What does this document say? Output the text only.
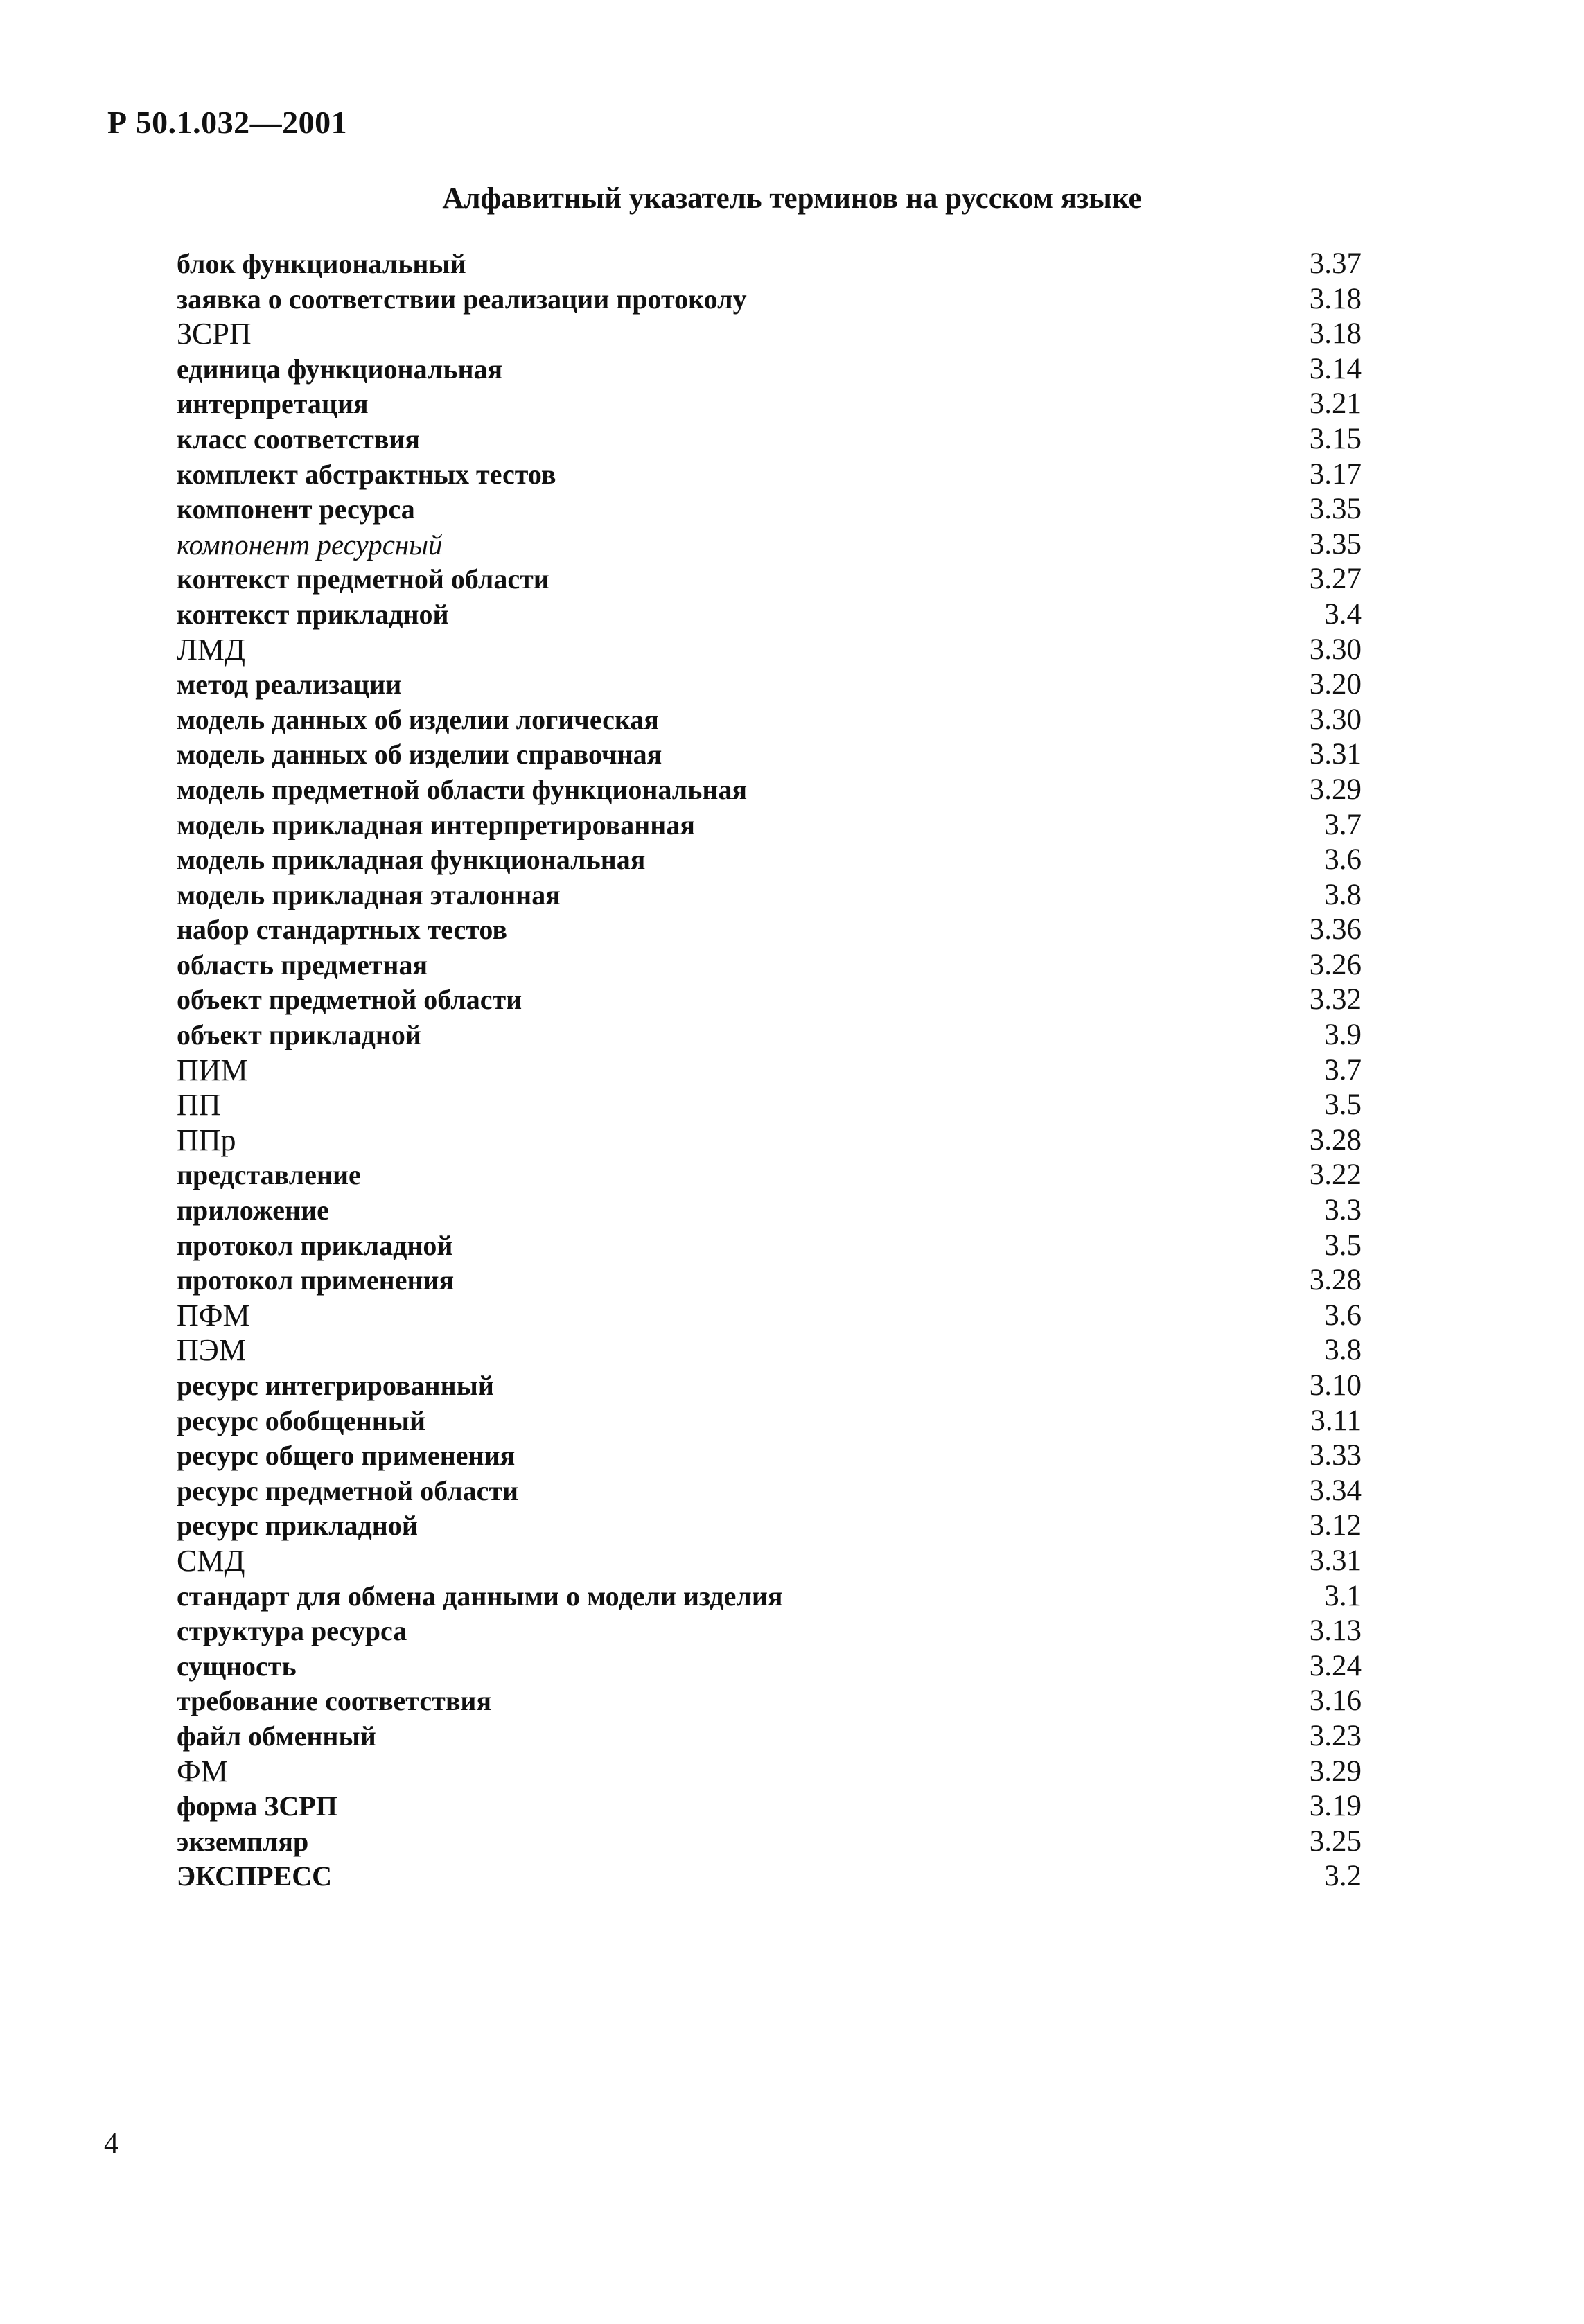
Р 50.1.032—2001
Алфавитный указатель терминов на русском языке
блок функциональный	3.37
заявка о соответствии реализации протоколу	3.18
ЗСРП	3.18
единица функциональная	3.14
интерпретация	3.21
класс соответствия	3.15
комплект абстрактных тестов	3.17
компонент ресурса	3.35
компонент ресурсный	3.35
контекст предметной области	3.27
контекст прикладной	3.4
ЛМД	3.30
метод реализации	3.20
модель данных об изделии логическая	3.30
модель данных об изделии справочная	3.31
модель предметной области функциональная	3.29
модель прикладная интерпретированная	3.7
модель прикладная функциональная	3.6
модель прикладная эталонная	3.8
набор стандартных тестов	3.36
область предметная	3.26
объект предметной области	3.32
объект прикладной	3.9
ПИМ	3.7
ПП	3.5
ППр	3.28
представление	3.22
приложение	3.3
протокол прикладной	3.5
протокол применения	3.28
ПФМ	3.6
ПЭМ	3.8
ресурс интегрированный	3.10
ресурс обобщенный	3.11
ресурс общего применения	3.33
ресурс предметной области	3.34
ресурс прикладной	3.12
СМД	3.31
стандарт для обмена данными о модели изделия	3.1
структура ресурса	3.13
сущность	3.24
требование соответствия	3.16
файл обменный	3.23
ФМ	3.29
форма ЗСРП	3.19
экземпляр	3.25
ЭКСПРЕСС	3.2
4
